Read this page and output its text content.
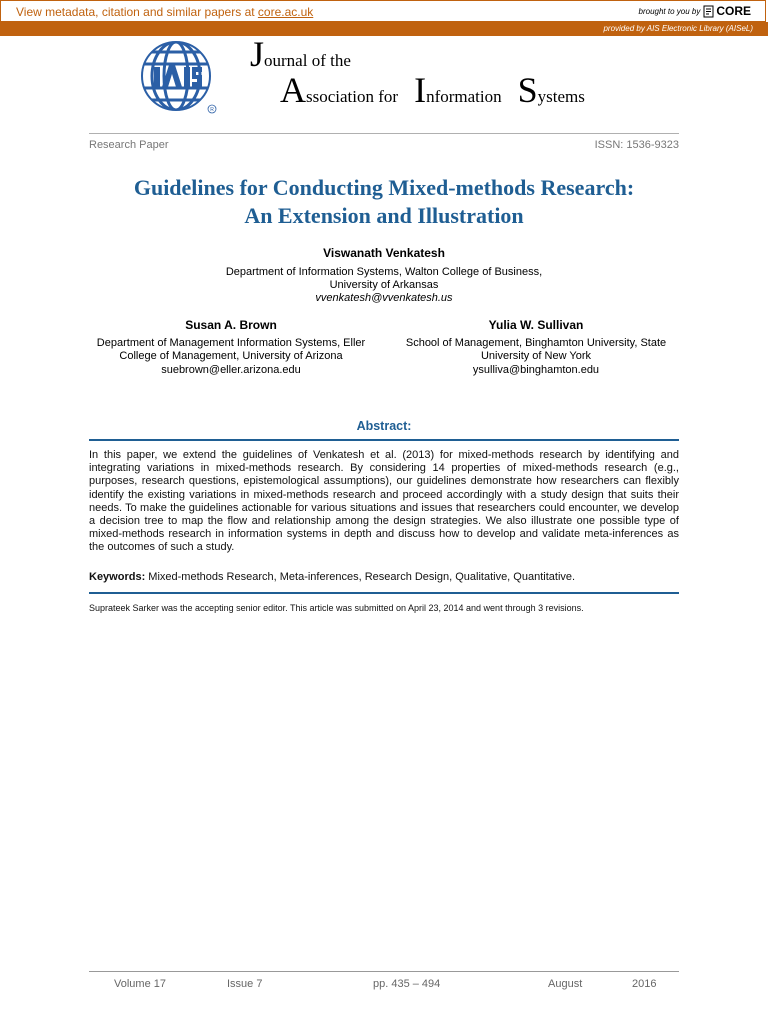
View metadata, citation and similar papers at core.ac.uk	brought to you by CORE
provided by AIS Electronic Library (AISeL)
R
Journal of the
Association for Information Systems
Research Paper	ISSN: 1536-9323
Guidelines for Conducting Mixed-methods Research:
An Extension and Illustration
Viswanath Venkatesh
Department of Information Systems, Walton College of Business,
University of Arkansas
vvenkatesh@vvenkatesh.us
Susan A. Brown
Department of Management Information Systems, Eller
College of Management, University of Arizona
suebrown@eller.arizona.edu
Yulia W. Sullivan
School of Management, Binghamton University, State
University of New York
ysulliva@binghamton.edu
Abstract:
In this paper, we extend the guidelines of Venkatesh et al. (2013) for mixed-methods research by identifying and integrating variations in mixed-methods research. By considering 14 properties of mixed-methods research (e.g., purposes, research questions, epistemological assumptions), our guidelines demonstrate how researchers can flexibly identify the existing variations in mixed-methods research and proceed accordingly with a study design that suits their needs. To make the guidelines actionable for various situations and issues that researchers could encounter, we develop a decision tree to map the flow and relationship among the design strategies. We also illustrate one possible type of mixed-methods research in information systems in depth and discuss how to develop and validate meta-inferences as the outcomes of such a study.
Keywords: Mixed-methods Research, Meta-inferences, Research Design, Qualitative, Quantitative.
Suprateek Sarker was the accepting senior editor. This article was submitted on April 23, 2014 and went through 3 revisions.
Volume 17	Issue 7	pp. 435 – 494	August	2016
